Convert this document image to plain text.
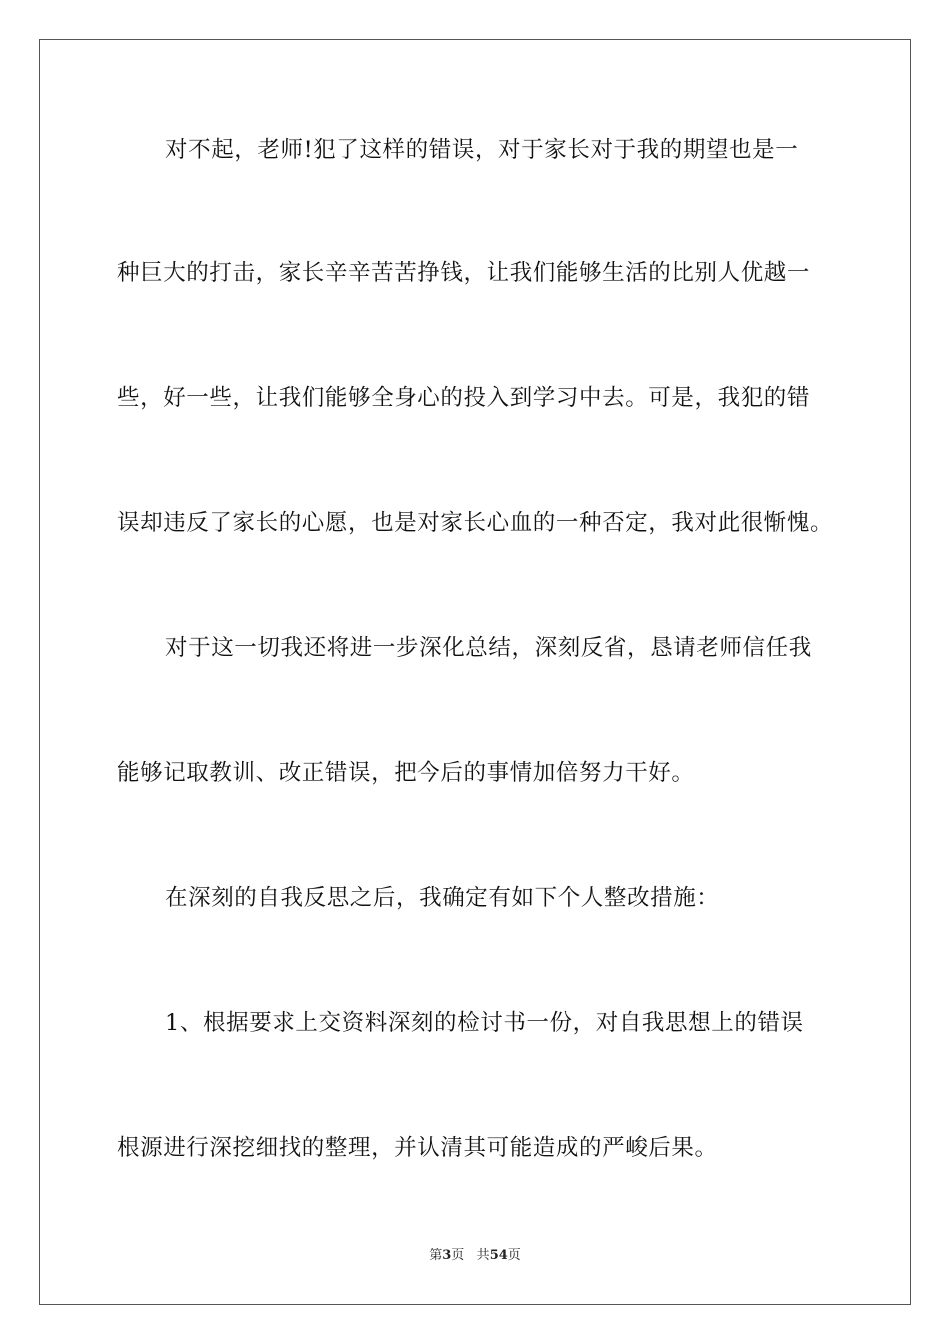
对不起，老师!犯了这样的错误，对于家长对于我的期望也是一
种巨大的打击，家长辛辛苦苦挣钱，让我们能够生活的比别人优越一
些，好一些，让我们能够全身心的投入到学习中去。可是，我犯的错
误却违反了家长的心愿，也是对家长心血的一种否定，我对此很惭愧。
对于这一切我还将进一步深化总结，深刻反省，恳请老师信任我
能够记取教训、改正错误，把今后的事情加倍努力干好。
在深刻的自我反思之后，我确定有如下个人整改措施：
1、根据要求上交资料深刻的检讨书一份，对自我思想上的错误
根源进行深挖细找的整理，并认清其可能造成的严峻后果。
第3页 共54页
